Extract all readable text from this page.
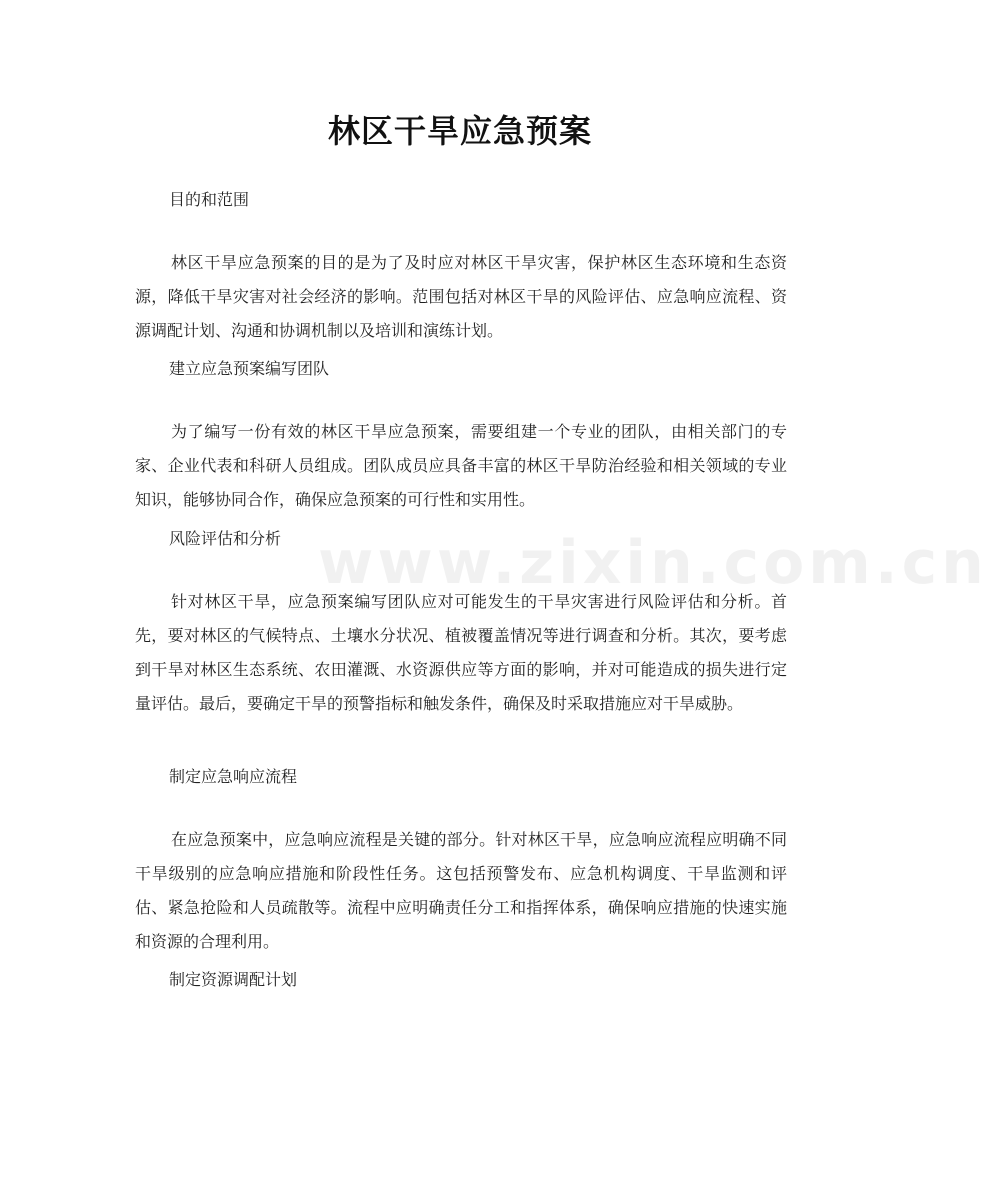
www.zixin.com.cn
林区干旱应急预案

目的和范围

林区干旱应急预案的目的是为了及时应对林区干旱灾害，保护林区生态环境和生态资源，降低干旱灾害对社会经济的影响。范围包括对林区干旱的风险评估、应急响应流程、资源调配计划、沟通和协调机制以及培训和演练计划。

建立应急预案编写团队

为了编写一份有效的林区干旱应急预案，需要组建一个专业的团队，由相关部门的专家、企业代表和科研人员组成。团队成员应具备丰富的林区干旱防治经验和相关领域的专业知识，能够协同合作，确保应急预案的可行性和实用性。

风险评估和分析

针对林区干旱，应急预案编写团队应对可能发生的干旱灾害进行风险评估和分析。首先，要对林区的气候特点、土壤水分状况、植被覆盖情况等进行调查和分析。其次，要考虑到干旱对林区生态系统、农田灌溉、水资源供应等方面的影响，并对可能造成的损失进行定量评估。最后，要确定干旱的预警指标和触发条件，确保及时采取措施应对干旱威胁。

制定应急响应流程

在应急预案中，应急响应流程是关键的部分。针对林区干旱，应急响应流程应明确不同干旱级别的应急响应措施和阶段性任务。这包括预警发布、应急机构调度、干旱监测和评估、紧急抢险和人员疏散等。流程中应明确责任分工和指挥体系，确保响应措施的快速实施和资源的合理利用。

制定资源调配计划
